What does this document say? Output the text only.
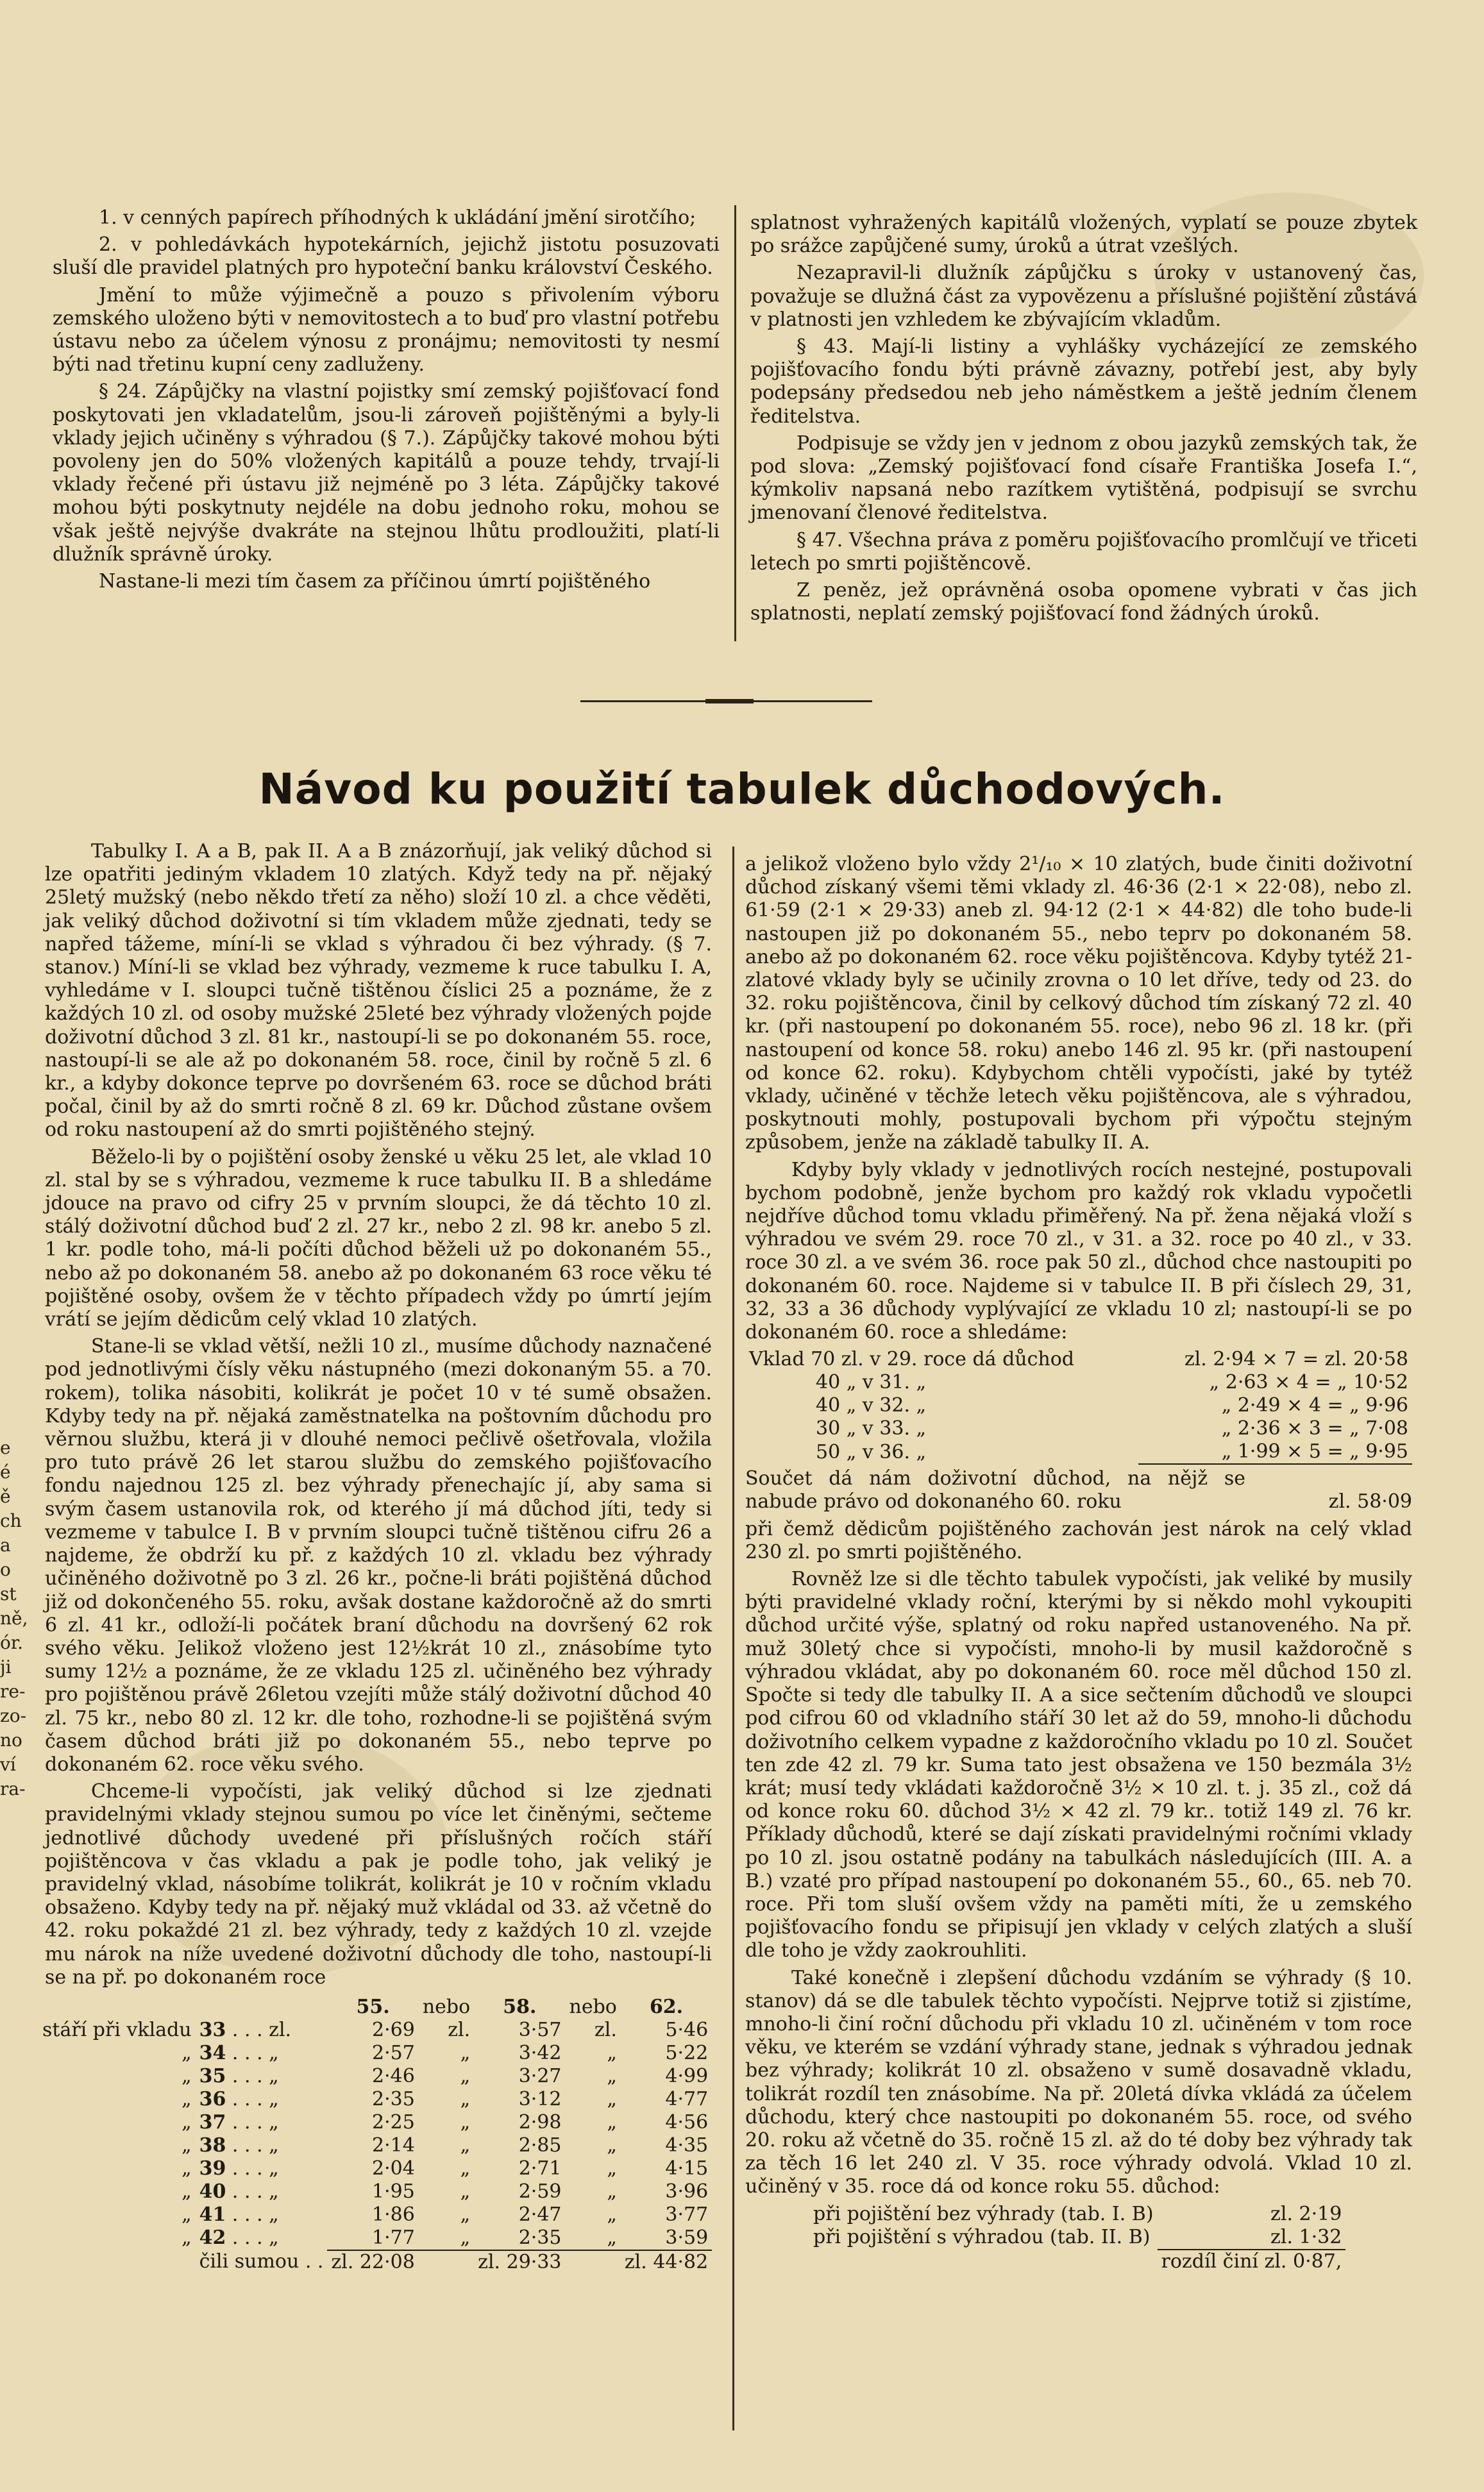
1. v cenných papírech příhodných k ukládání jmění sirotčího;

2. v pohledávkách hypotekárních, jejichž jistotu posuzovati sluší dle pravidel platných pro hypoteční banku království Českého.

Jmění to může výjimečně a pouzo s přivolením výboru zemského uloženo býti v nemovitostech a to buď pro vlastní potřebu ústavu nebo za účelem výnosu z pronájmu; nemovitosti ty nesmí býti nad třetinu kupní ceny zadluženy.

§ 24. Zápůjčky na vlastní pojistky smí zemský pojišťovací fond poskytovati jen vkladatelům, jsou-li zároveň pojištěnými a byly-li vklady jejich učiněny s výhradou (§ 7.). Zápůjčky takové mohou býti povoleny jen do 50% vložených kapitálů a pouze tehdy, trvají-li vklady řečené při ústavu již nejméně po 3 léta. Zápůjčky takové mohou býti poskytnuty nejdéle na dobu jednoho roku, mohou se však ještě nejvýše dvakráte na stejnou lhůtu prodloužiti, platí-li dlužník správně úroky.

Nastane-li mezi tím časem za příčinou úmrtí pojištěného

splatnost vyhražených kapitálů vložených, vyplatí se pouze zbytek po srážce zapůjčené sumy, úroků a útrat vzešlých.

Nezapravil-li dlužník zápůjčku s úroky v ustanovený čas, považuje se dlužná část za vypovězenu a příslušné pojištění zůstává v platnosti jen vzhledem ke zbývajícím vkladům.

§ 43. Mají-li listiny a vyhlášky vycházející ze zemského pojišťovacího fondu býti právně závazny, potřebí jest, aby byly podepsány předsedou neb jeho náměstkem a ještě jedním členem ředitelstva.

Podpisuje se vždy jen v jednom z obou jazyků zemských tak, že pod slova: „Zemský pojišťovací fond císaře Františka Josefa I.“, kýmkoliv napsaná nebo razítkem vytištěná, podpisují se svrchu jmenovaní členové ředitelstva.

§ 47. Všechna práva z poměru pojišťovacího promlčují ve třiceti letech po smrti pojištěncově.

Z peněz, jež oprávněná osoba opomene vybrati v čas jich splatnosti, neplatí zemský pojišťovací fond žádných úroků.

Návod ku použití tabulek důchodových.

Tabulky I. A a B, pak II. A a B znázorňují, jak veliký důchod si lze opatřiti jediným vkladem 10 zlatých. Když tedy na př. nějaký 25letý mužský (nebo někdo třetí za něho) složí 10 zl. a chce věděti, jak veliký důchod doživotní si tím vkladem může zjednati, tedy se napřed tážeme, míní-li se vklad s výhradou či bez výhrady. (§ 7. stanov.) Míní-li se vklad bez výhrady, vezmeme k ruce tabulku I. A, vyhledáme v I. sloupci tučně tištěnou číslici 25 a poznáme, že z každých 10 zl. od osoby mužské 25leté bez výhrady vložených pojde doživotní důchod 3 zl. 81 kr., nastoupí-li se po dokonaném 55. roce, nastoupí-li se ale až po dokonaném 58. roce, činil by ročně 5 zl. 6 kr., a kdyby dokonce teprve po dovršeném 63. roce se důchod bráti počal, činil by až do smrti ročně 8 zl. 69 kr. Důchod zůstane ovšem od roku nastoupení až do smrti pojištěného stejný.

Běželo-li by o pojištění osoby ženské u věku 25 let, ale vklad 10 zl. stal by se s výhradou, vezmeme k ruce tabulku II. B a shledáme jdouce na pravo od cifry 25 v prvním sloupci, že dá těchto 10 zl. stálý doživotní důchod buď 2 zl. 27 kr., nebo 2 zl. 98 kr. anebo 5 zl. 1 kr. podle toho, má-li počíti důchod běželi už po dokonaném 55., nebo až po dokonaném 58. anebo až po dokonaném 63 roce věku té pojištěné osoby, ovšem že v těchto případech vždy po úmrtí jejím vrátí se jejím dědicům celý vklad 10 zlatých.

Stane-li se vklad větší, nežli 10 zl., musíme důchody naznačené pod jednotlivými čísly věku nástupného (mezi dokonaným 55. a 70. rokem), tolika násobiti, kolikrát je počet 10 v té sumě obsažen. Kdyby tedy na př. nějaká zaměstnatelka na poštovním důchodu pro věrnou službu, která ji v dlouhé nemoci pečlivě ošetřovala, vložila pro tuto právě 26 let starou službu do zemského pojišťovacího fondu najednou 125 zl. bez výhrady přenechajíc jí, aby sama si svým časem ustanovila rok, od kterého jí má důchod jíti, tedy si vezmeme v tabulce I. B v prvním sloupci tučně tištěnou cifru 26 a najdeme, že obdrží ku př. z každých 10 zl. vkladu bez výhrady učiněného doživotně po 3 zl. 26 kr., počne-li bráti pojištěná důchod již od dokončeného 55. roku, avšak dostane každoročně až do smrti 6 zl. 41 kr., odloží-li počátek braní důchodu na dovršený 62 rok svého věku. Jelikož vloženo jest 12½krát 10 zl., znásobíme tyto sumy 12½ a poznáme, že ze vkladu 125 zl. učiněného bez výhrady pro pojištěnou právě 26letou vzejíti může stálý doživotní důchod 40 zl. 75 kr., nebo 80 zl. 12 kr. dle toho, rozhodne-li se pojištěná svým časem důchod bráti již po dokonaném 55., nebo teprve po dokonaném 62. roce věku svého.

Chceme-li vypočísti, jak veliký důchod si lze zjednati pravidelnými vklady stejnou sumou po více let činěnými, sečteme jednotlivé důchody uvedené při příslušných ročích stáří pojištěncova v čas vkladu a pak je podle toho, jak veliký je pravidelný vklad, násobíme tolikrát, kolikrát je 10 v ročním vkladu obsaženo. Kdyby tedy na př. nějaký muž vkládal od 33. až včetně do 42. roku pokaždé 21 zl. bez výhrady, tedy z každých 10 zl. vzejde mu nárok na níže uvedené doživotní důchody dle toho, nastoupí-li se na př. po dokonaném roce

		55.	nebo	58.	nebo	62.
stáří při vkladu	33 . . . zl.	2·69	zl.	3·57	zl.	5·46
„	34 . . . „	2·57	„	3·42	„	5·22
„	35 . . . „	2·46	„	3·27	„	4·99
„	36 . . . „	2·35	„	3·12	„	4·77
„	37 . . . „	2·25	„	2·98	„	4·56
„	38 . . . „	2·14	„	2·85	„	4·35
„	39 . . . „	2·04	„	2·71	„	4·15
„	40 . . . „	1·95	„	2·59	„	3·96
„	41 . . . „	1·86	„	2·47	„	3·77
„	42 . . . „	1·77	„	2·35	„	3·59
	čili sumou . .	zl. 22·08		zl. 29·33		zl. 44·82

a jelikož vloženo bylo vždy 2¹/₁₀ × 10 zlatých, bude činiti doživotní důchod získaný všemi těmi vklady zl. 46·36 (2·1 × 22·08), nebo zl. 61·59 (2·1 × 29·33) aneb zl. 94·12 (2·1 × 44·82) dle toho bude-li nastoupen již po dokonaném 55., nebo teprv po dokonaném 58. anebo až po dokonaném 62. roce věku pojištěncova. Kdyby tytéž 21-zlatové vklady byly se učinily zrovna o 10 let dříve, tedy od 23. do 32. roku pojištěncova, činil by celkový důchod tím získaný 72 zl. 40 kr. (při nastoupení po dokonaném 55. roce), nebo 96 zl. 18 kr. (při nastoupení od konce 58. roku) anebo 146 zl. 95 kr. (při nastoupení od konce 62. roku). Kdybychom chtěli vypočísti, jaké by tytéž vklady, učiněné v těchže letech věku pojištěncova, ale s výhradou, poskytnouti mohly, postupovali bychom při výpočtu stejným způsobem, jenže na základě tabulky II. A.

Kdyby byly vklady v jednotlivých rocích nestejné, postupovali bychom podobně, jenže bychom pro každý rok vkladu vypočetli nejdříve důchod tomu vkladu přiměřený. Na př. žena nějaká vloží s výhradou ve svém 29. roce 70 zl., v 31. a 32. roce po 40 zl., v 33. roce 30 zl. a ve svém 36. roce pak 50 zl., důchod chce nastoupiti po dokonaném 60. roce. Najdeme si v tabulce II. B při číslech 29, 31, 32, 33 a 36 důchody vyplývající ze vkladu 10 zl; nastoupí-li se po dokonaném 60. roce a shledáme:

Vklad 70 zl. v 29. roce dá důchod	zl. 2·94 × 7 = zl. 20·58
40 „ v 31. „	„ 2·63 × 4 = „ 10·52
40 „ v 32. „	„ 2·49 × 4 = „ 9·96
30 „ v 33. „	„ 2·36 × 3 = „ 7·08
50 „ v 36. „	„ 1·99 × 5 = „ 9·95
Součet dá nám doživotní důchod, na nějž se nabude právo od dokonaného 60. roku	zl. 58·09

při čemž dědicům pojištěného zachován jest nárok na celý vklad 230 zl. po smrti pojištěného.

Rovněž lze si dle těchto tabulek vypočísti, jak veliké by musily býti pravidelné vklady roční, kterými by si někdo mohl vykoupiti důchod určité výše, splatný od roku napřed ustanoveného. Na př. muž 30letý chce si vypočísti, mnoho-li by musil každoročně s výhradou vkládat, aby po dokonaném 60. roce měl důchod 150 zl. Spočte si tedy dle tabulky II. A a sice sečtením důchodů ve sloupci pod cifrou 60 od vkladního stáří 30 let až do 59, mnoho-li důchodu doživotního celkem vypadne z každoročního vkladu po 10 zl. Součet ten zde 42 zl. 79 kr. Suma tato jest obsažena ve 150 bezmála 3½ krát; musí tedy vkládati každoročně 3½ × 10 zl. t. j. 35 zl., což dá od konce roku 60. důchod 3½ × 42 zl. 79 kr.. totiž 149 zl. 76 kr. Příklady důchodů, které se dají získati pravidelnými ročními vklady po 10 zl. jsou ostatně podány na tabulkách následujících (III. A. a B.) vzaté pro případ nastoupení po dokonaném 55., 60., 65. neb 70. roce. Při tom sluší ovšem vždy na paměti míti, že u zemského pojišťovacího fondu se připisují jen vklady v celých zlatých a sluší dle toho je vždy zaokrouhliti.

Také konečně i zlepšení důchodu vzdáním se výhrady (§ 10. stanov) dá se dle tabulek těchto vypočísti. Nejprve totiž si zjistíme, mnoho-li činí roční důchodu při vkladu 10 zl. učiněném v tom roce věku, ve kterém se vzdání výhrady stane, jednak s výhradou jednak bez výhrady; kolikrát 10 zl. obsaženo v sumě dosavadně vkladu, tolikrát rozdíl ten znásobíme. Na př. 20letá dívka vkládá za účelem důchodu, který chce nastoupiti po dokonaném 55. roce, od svého 20. roku až včetně do 35. ročně 15 zl. až do té doby bez výhrady tak za těch 16 let 240 zl. V 35. roce výhrady odvolá. Vklad 10 zl. učiněný v 35. roce dá od konce roku 55. důchod:

při pojištění bez výhrady (tab. I. B)	zl. 2·19
při pojištění s výhradou (tab. II. B)	zl. 1·32
	rozdíl činí zl. 0·87,
e
é
ě
ch
a
o
st
ně,
ór.
ji
re-
zo-
no
ví
ra-
